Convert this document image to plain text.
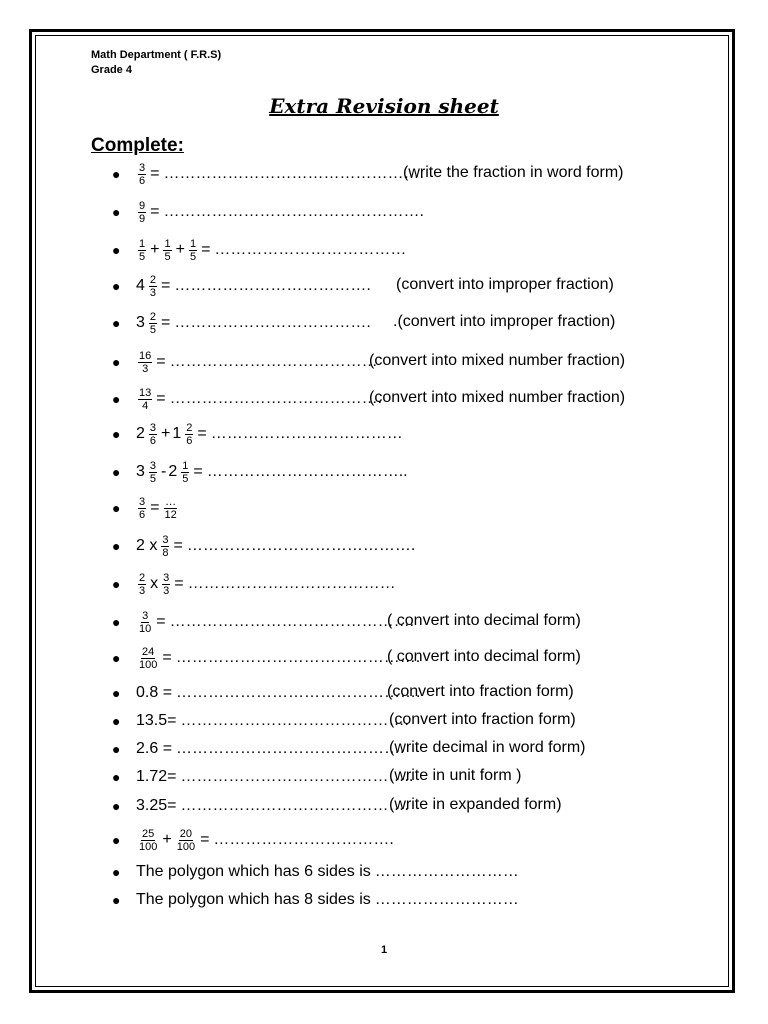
Math Department ( F.R.S)
Grade 4
Extra Revision sheet
Complete:
●	$\frac{3}{6}$ = ………………………………………….
(write the fraction in word form)
●	$\frac{9}{9}$ = ………………………………………….
●	$\frac{1}{5} + \frac{1}{5} + \frac{1}{5}$ = ………………………………
● $4 \frac{2}{3}$ = ………………………………. (convert into improper fraction)
● $3 \frac{2}{5}$ = ………………………………. .(convert into improper fraction)
●	$\frac{16}{3}$ = …………………………………
(convert into mixed number fraction)
●	$\frac{13}{4}$ = ………………………………….
(convert into mixed number fraction)
● $2 \frac{3}{6} + 1 \frac{2}{6}$ = ………………………………
● $3 \frac{3}{5} - 2 \frac{1}{5}$ = ………………………………..
●	$\frac{3}{6} = \frac{\dots}{12}$
● 2 x $\frac{3}{8}$ = …………………………………….
●	$\frac{2}{3}$ x $\frac{3}{3}$ = …………………………………
●	$\frac{3}{10}$ = ……………………………………….
( convert into decimal form)
●	$\frac{24}{100}$ = ……………………………………….
( convert into decimal form)
● 0.8 = ……………………………………….
(convert into fraction form)
● 13.5= …………………………………….
(convert into fraction form)
● 2.6 = …………………………………….
(write decimal in word form)
● 1.72= ……………………………………..
(write in unit form )
● 3.25= …………………………………….
(write in expanded form)
●	$\frac{25}{100} + \frac{20}{100}$ = …………………………….
● The polygon which has 6 sides is ………………………
● The polygon which has 8 sides is ………………………
1
